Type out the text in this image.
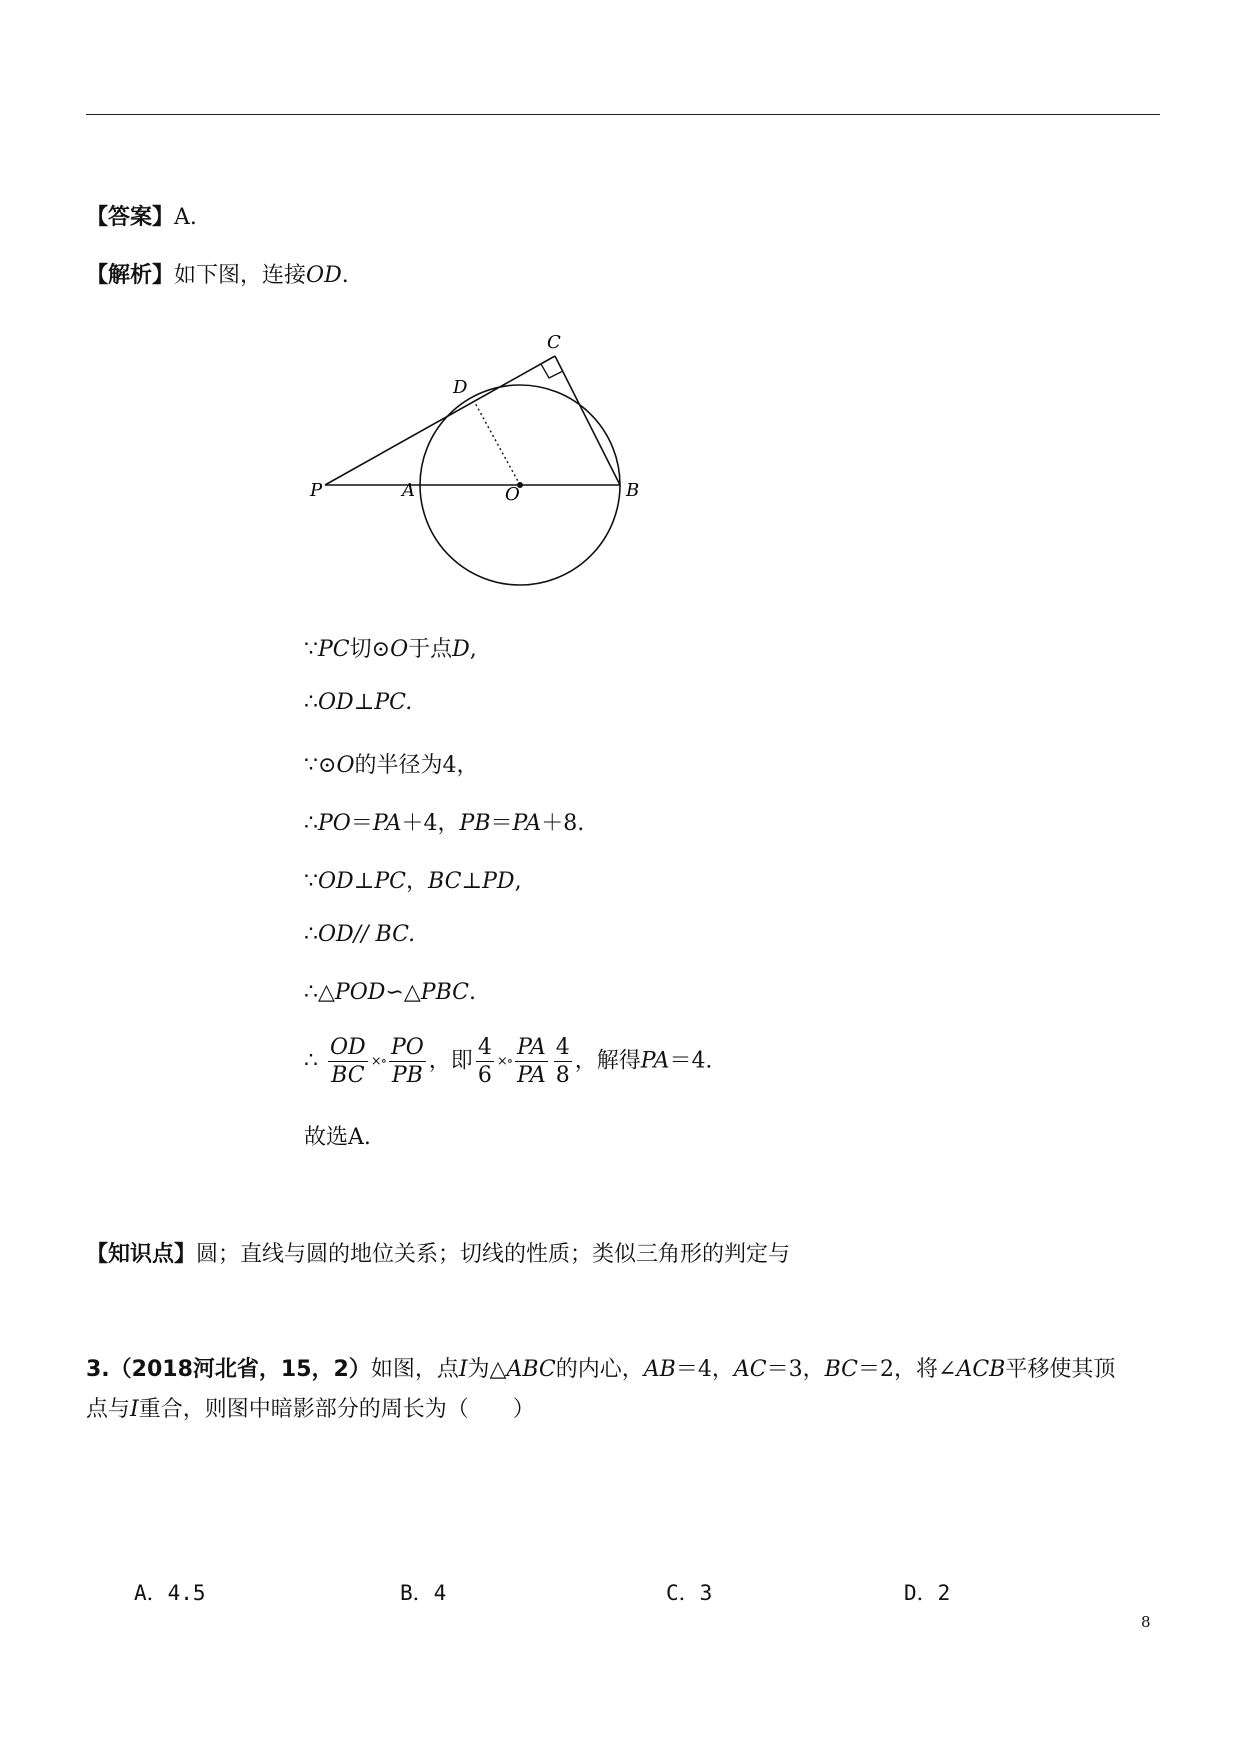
【答案】A.
【解析】如下图，连接OD.
C
D
P	A	O	B
∵PC切⊙O于点D,
∴OD⊥PC.
∵⊙O的半径为4，
∴PO＝PA＋4，PB＝PA＋8.
∵OD⊥PC，BC⊥PD,
∴OD// BC.
∴△POD∽△PBC.
∴ $\frac{OD}{BC}$ ×∘ $\frac{PO}{PB}$ ，即 $\frac{4}{6}$ ×∘ $\frac{PA}{PA} \frac{4}{8}$ ，解得PA＝4.
故选A.
【知识点】圆；直线与圆的地位关系；切线的性质；类似三角形的判定与
3.（2018河北省，15，2）如图，点I为△ABC的内心，AB＝4，AC＝3，BC＝2，将∠ACB平移使其顶
点与I重合，则图中暗影部分的周长为（　　）
A．4.5	B．4	C．3	D．2
8
